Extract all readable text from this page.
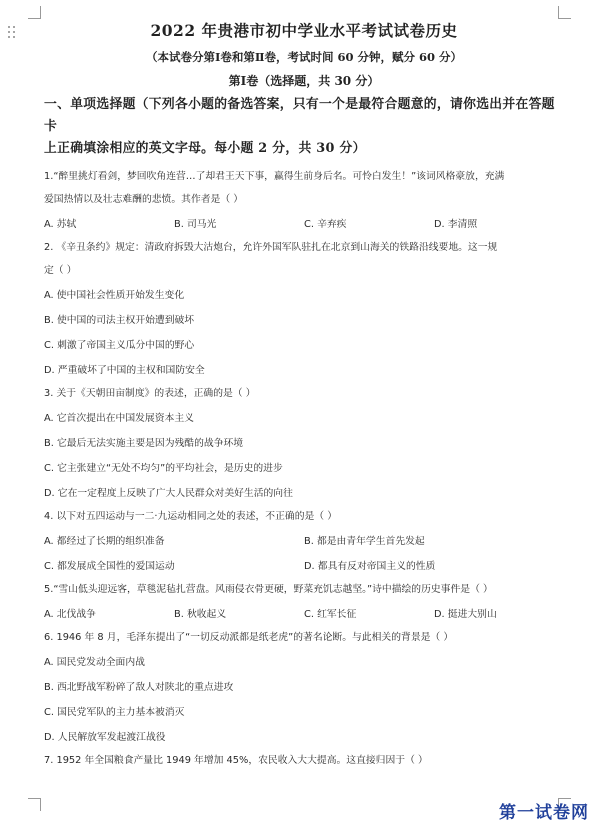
2022 年贵港市初中学业水平考试试卷历史
（本试卷分第Ⅰ卷和第Ⅱ卷，考试时间 60 分钟，赋分 60 分）
第Ⅰ卷（选择题，共 30 分）
一、单项选择题（下列各小题的备选答案，只有一个是最符合题意的，请你选出并在答题卡
上正确填涂相应的英文字母。每小题 2 分，共 30 分）
1.“醉里挑灯看剑，梦回吹角连营…了却君王天下事，赢得生前身后名。可怜白发生！”该词风格豪放，充满
爱国热情以及壮志难酬的悲愤。其作者是（ ）
A. 苏轼	B. 司马光	C. 辛弃疾	D. 李清照
2. 《辛丑条约》规定：清政府拆毁大沽炮台，允许外国军队驻扎在北京到山海关的铁路沿线要地。这一规
定（ ）
A. 使中国社会性质开始发生变化
B. 使中国的司法主权开始遭到破坏
C. 刺激了帝国主义瓜分中国的野心
D. 严重破坏了中国的主权和国防安全
3. 关于《天朝田亩制度》的表述，正确的是（ ）
A. 它首次提出在中国发展资本主义
B. 它最后无法实施主要是因为残酷的战争环境
C. 它主张建立“无处不均匀”的平均社会，是历史的进步
D. 它在一定程度上反映了广大人民群众对美好生活的向往
4. 以下对五四运动与一二·九运动相同之处的表述，不正确的是（ ）
A. 都经过了长期的组织准备	B. 都是由青年学生首先发起
C. 都发展成全国性的爱国运动	D. 都具有反对帝国主义的性质
5.“雪山低头迎远客，草毯泥毡扎营盘。风雨侵衣骨更硬，野菜充饥志越坚。”诗中描绘的历史事件是（ ）
A. 北伐战争	B. 秋收起义	C. 红军长征	D. 挺进大别山
6. 1946 年 8 月，毛泽东提出了“一切反动派都是纸老虎”的著名论断。与此相关的背景是（ ）
A. 国民党发动全面内战
B. 西北野战军粉碎了敌人对陕北的重点进攻
C. 国民党军队的主力基本被消灭
D. 人民解放军发起渡江战役
7. 1952 年全国粮食产量比 1949 年增加 45%，农民收入大大提高。这直接归因于（ ）
第一试卷网
